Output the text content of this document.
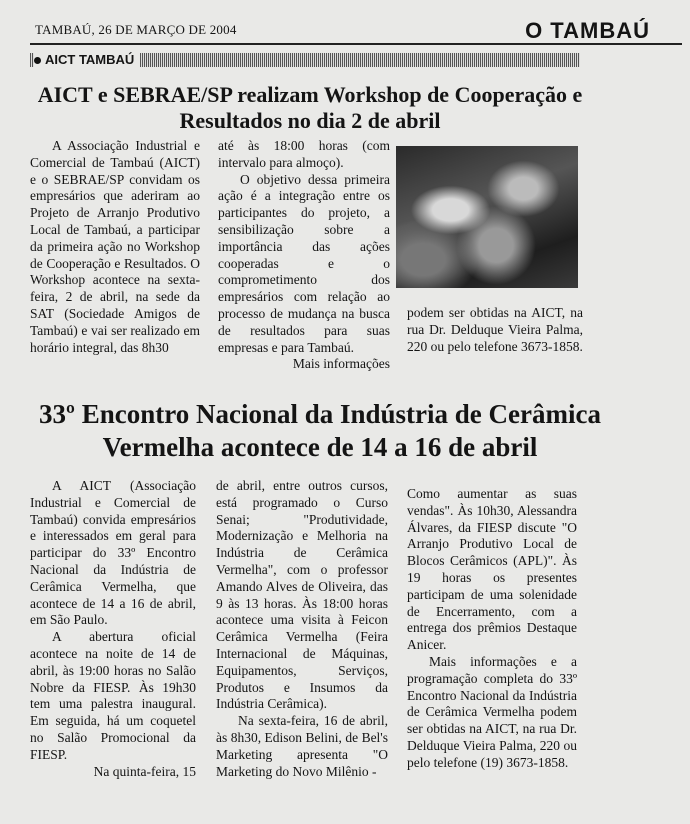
TAMBAÚ, 26 DE MARÇO DE 2004	O TAMBAÚ
AICT TAMBAÚ
AICT e SEBRAE/SP realizam Workshop de Cooperação e Resultados no dia 2 de abril

A Associação Industrial e Comercial de Tambaú (AICT) e o SEBRAE/SP convidam os empresários que aderiram ao Projeto de Arranjo Produtivo Local de Tambaú, a participar da primeira ação no Workshop de Cooperação e Resultados. O Workshop acontece na sexta-feira, 2 de abril, na sede da SAT (Sociedade Amigos de Tambaú) e vai ser realizado em horário integral, das 8h30

até às 18:00 horas (com intervalo para almoço).

O objetivo dessa primeira ação é a integração entre os participantes do projeto, a sensibilização sobre a importância das ações cooperadas e o comprometimento dos empresários com relação ao processo de mudança na busca de resultados para suas empresas e para Tambaú.

Mais informações

podem ser obtidas na AICT, na rua Dr. Delduque Vieira Palma, 220 ou pelo telefone 3673-1858.

33º Encontro Nacional da Indústria de Cerâmica Vermelha acontece de 14 a 16 de abril

A AICT (Associação Industrial e Comercial de Tambaú) convida empresários e interessados em geral para participar do 33º Encontro Nacional da Indústria de Cerâmica Vermelha, que acontece de 14 a 16 de abril, em São Paulo.

A abertura oficial acontece na noite de 14 de abril, às 19:00 horas no Salão Nobre da FIESP. Às 19h30 tem uma palestra inaugural. Em seguida, há um coquetel no Salão Promocional da FIESP.

Na quinta-feira, 15

de abril, entre outros cursos, está programado o Curso Senai; "Produtividade, Modernização e Melhoria na Indústria de Cerâmica Vermelha", com o professor Amando Alves de Oliveira, das 9 às 13 horas. Às 18:00 horas acontece uma visita à Feicon Cerâmica Vermelha (Feira Internacional de Máquinas, Equipamentos, Serviços, Produtos e Insumos da Indústria Cerâmica).

Na sexta-feira, 16 de abril, às 8h30, Edison Belini, de Bel's Marketing apresenta "O Marketing do Novo Milênio -

Como aumentar as suas vendas". Às 10h30, Alessandra Álvares, da FIESP discute "O Arranjo Produtivo Local de Blocos Cerâmicos (APL)". Às 19 horas os presentes participam de uma solenidade de Encerramento, com a entrega dos prêmios Destaque Anicer.

Mais informações e a programação completa do 33º Encontro Nacional da Indústria de Cerâmica Vermelha podem ser obtidas na AICT, na rua Dr. Delduque Vieira Palma, 220 ou pelo telefone (19) 3673-1858.
